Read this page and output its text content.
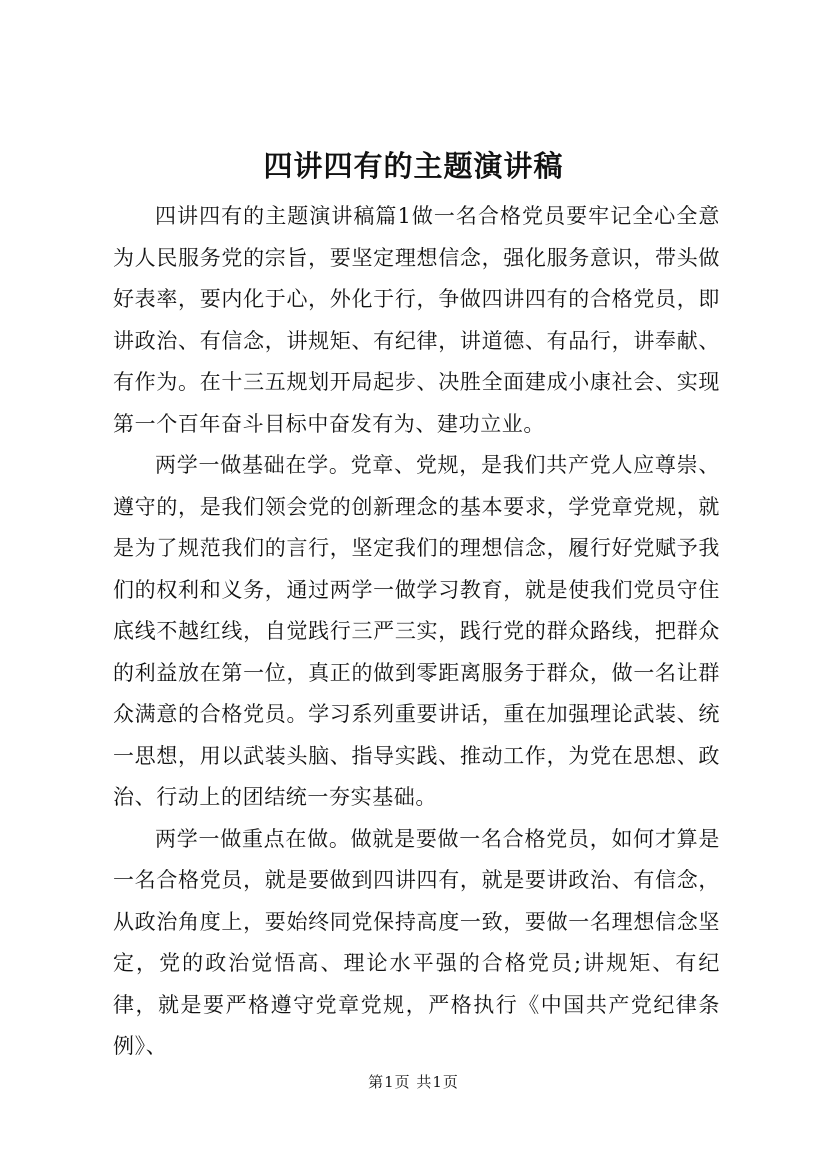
四讲四有的主题演讲稿

四讲四有的主题演讲稿篇1做一名合格党员要牢记全心全意为人民服务党的宗旨，要坚定理想信念，强化服务意识，带头做好表率，要内化于心，外化于行，争做四讲四有的合格党员，即讲政治、有信念，讲规矩、有纪律，讲道德、有品行，讲奉献、有作为。在十三五规划开局起步、决胜全面建成小康社会、实现第一个百年奋斗目标中奋发有为、建功立业。

两学一做基础在学。党章、党规，是我们共产党人应尊崇、遵守的，是我们领会党的创新理念的基本要求，学党章党规，就是为了规范我们的言行，坚定我们的理想信念，履行好党赋予我们的权利和义务，通过两学一做学习教育，就是使我们党员守住底线不越红线，自觉践行三严三实，践行党的群众路线，把群众的利益放在第一位，真正的做到零距离服务于群众，做一名让群众满意的合格党员。学习系列重要讲话，重在加强理论武装、统一思想，用以武装头脑、指导实践、推动工作，为党在思想、政治、行动上的团结统一夯实基础。

两学一做重点在做。做就是要做一名合格党员，如何才算是一名合格党员，就是要做到四讲四有，就是要讲政治、有信念，从政治角度上，要始终同党保持高度一致，要做一名理想信念坚定，党的政治觉悟高、理论水平强的合格党员;讲规矩、有纪律，就是要严格遵守党章党规，严格执行《中国共产党纪律条例》、

第1页 共1页
